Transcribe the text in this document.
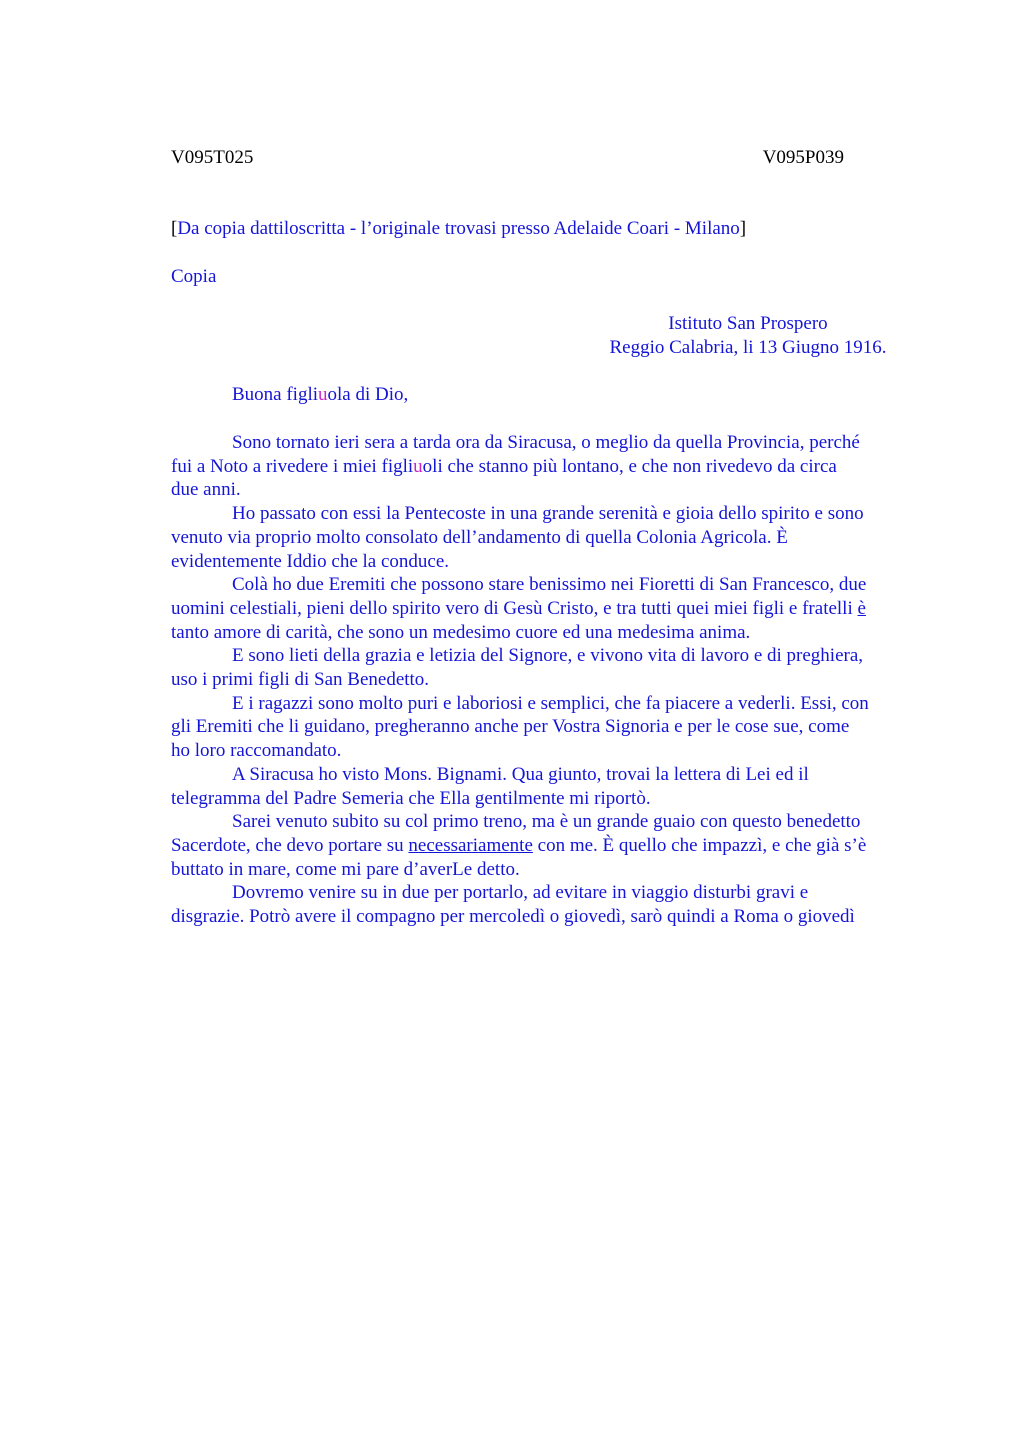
V095T025	V095P039
[Da copia dattiloscritta - l’originale trovasi presso Adelaide Coari - Milano]
Copia
Istituto San Prospero
Reggio Calabria, li 13 Giugno 1916.
Buona figliuola di Dio,

Sono tornato ieri sera a tarda ora da Siracusa, o meglio da quella Provincia, perché

fui a Noto a rivedere i miei figliuoli che stanno più lontano, e che non rivedevo da circa

due anni.

Ho passato con essi la Pentecoste in una grande serenità e gioia dello spirito e sono

venuto via proprio molto consolato dell’andamento di quella Colonia Agricola. È

evidentemente Iddio che la conduce.

Colà ho due Eremiti che possono stare benissimo nei Fioretti di San Francesco, due

uomini celestiali, pieni dello spirito vero di Gesù Cristo, e tra tutti quei miei figli e fratelli è

tanto amore di carità, che sono un medesimo cuore ed una medesima anima.

E sono lieti della grazia e letizia del Signore, e vivono vita di lavoro e di preghiera,

uso i primi figli di San Benedetto.

E i ragazzi sono molto puri e laboriosi e semplici, che fa piacere a vederli. Essi, con

gli Eremiti che li guidano, pregheranno anche per Vostra Signoria e per le cose sue, come

ho loro raccomandato.

A Siracusa ho visto Mons. Bignami. Qua giunto, trovai la lettera di Lei ed il

telegramma del Padre Semeria che Ella gentilmente mi riportò.

Sarei venuto subito su col primo treno, ma è un grande guaio con questo benedetto

Sacerdote, che devo portare su necessariamente con me. È quello che impazzì, e che già s’è

buttato in mare, come mi pare d’averLe detto.

Dovremo venire su in due per portarlo, ad evitare in viaggio disturbi gravi e

disgrazie. Potrò avere il compagno per mercoledì o giovedì, sarò quindi a Roma o giovedì
